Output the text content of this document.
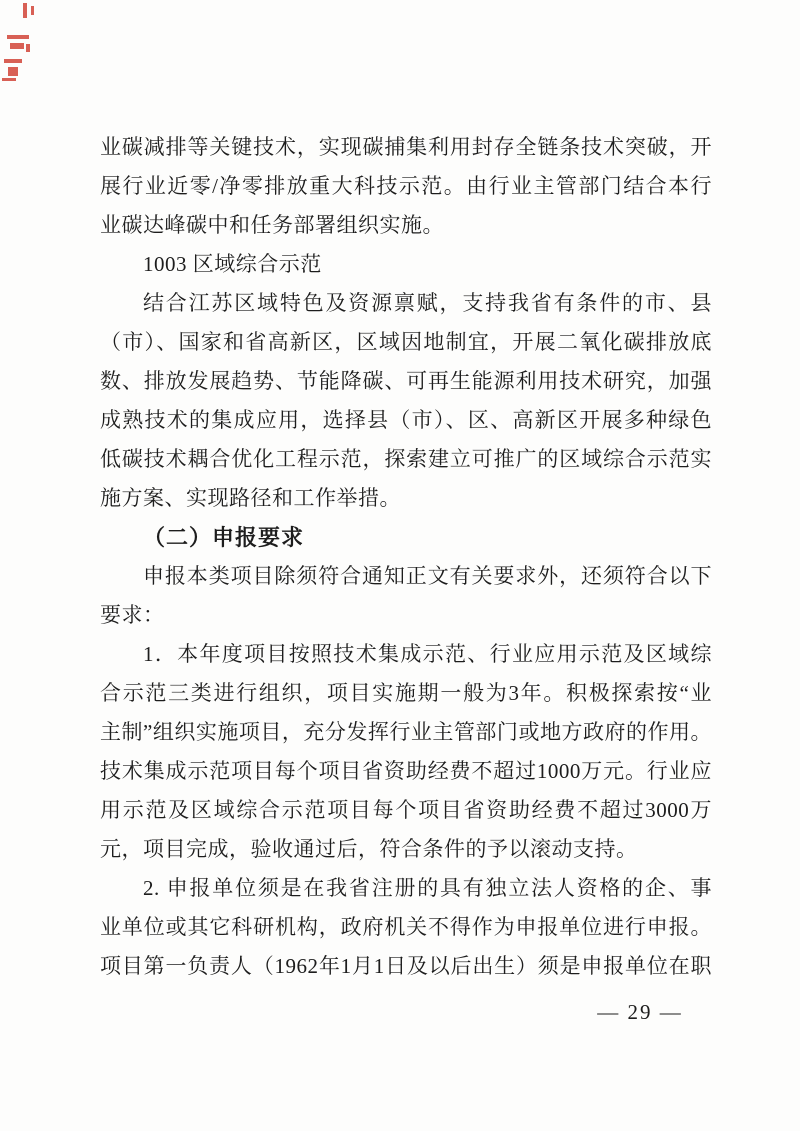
业碳减排等关键技术，实现碳捕集利用封存全链条技术突破，开
展行业近零/净零排放重大科技示范。由行业主管部门结合本行
业碳达峰碳中和任务部署组织实施。
1003 区域综合示范
结合江苏区域特色及资源禀赋，支持我省有条件的市、县
（市）、国家和省高新区，区域因地制宜，开展二氧化碳排放底
数、排放发展趋势、节能降碳、可再生能源利用技术研究，加强
成熟技术的集成应用，选择县（市）、区、高新区开展多种绿色
低碳技术耦合优化工程示范，探索建立可推广的区域综合示范实
施方案、实现路径和工作举措。
（二）申报要求
申报本类项目除须符合通知正文有关要求外，还须符合以下
要求：
1．本年度项目按照技术集成示范、行业应用示范及区域综
合示范三类进行组织，项目实施期一般为3年。积极探索按“业
主制”组织实施项目，充分发挥行业主管部门或地方政府的作用。
技术集成示范项目每个项目省资助经费不超过1000万元。行业应
用示范及区域综合示范项目每个项目省资助经费不超过3000万
元，项目完成，验收通过后，符合条件的予以滚动支持。
2. 申报单位须是在我省注册的具有独立法人资格的企、事
业单位或其它科研机构，政府机关不得作为申报单位进行申报。
项目第一负责人（1962年1月1日及以后出生）须是申报单位在职
— 29 —
